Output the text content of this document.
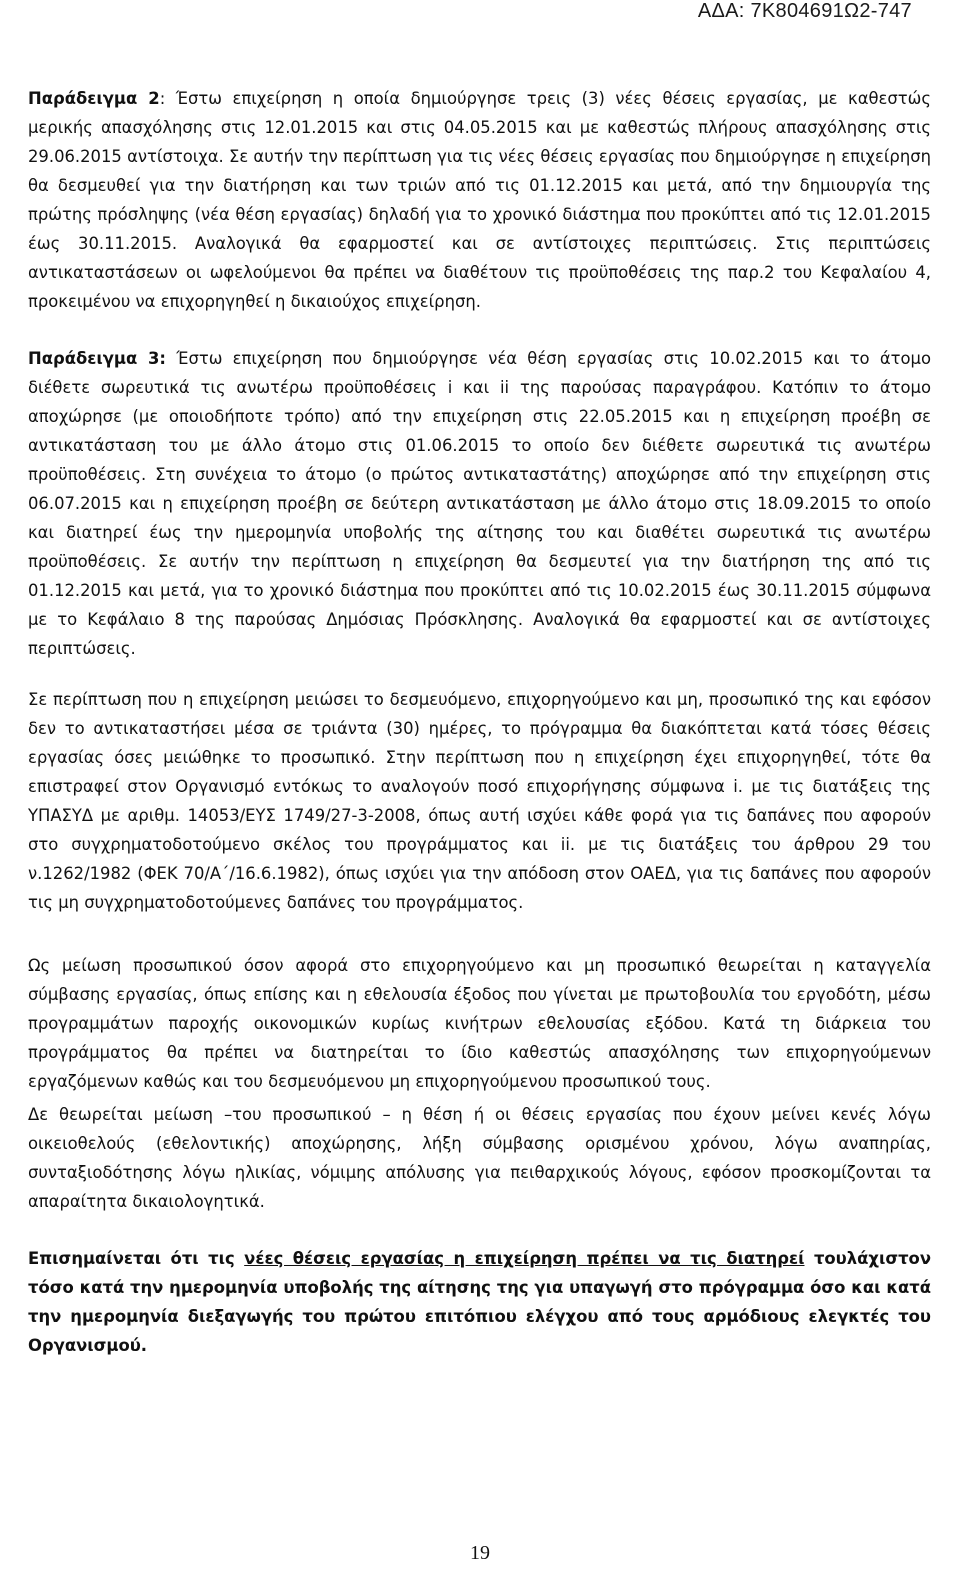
ΑΔΑ: 7Κ804691Ω2-747

Παράδειγμα 2: Έστω επιχείρηση η οποία δημιούργησε τρεις (3) νέες θέσεις εργασίας, με καθεστώς μερικής απασχόλησης στις 12.01.2015 και στις 04.05.2015 και με καθεστώς πλήρους απασχόλησης στις 29.06.2015 αντίστοιχα. Σε αυτήν την περίπτωση για τις νέες θέσεις εργασίας που δημιούργησε η επιχείρηση θα δεσμευθεί για την διατήρηση και των τριών από τις 01.12.2015 και μετά, από την δημιουργία της πρώτης πρόσληψης (νέα θέση εργασίας) δηλαδή για το χρονικό διάστημα που προκύπτει από τις 12.01.2015 έως 30.11.2015. Αναλογικά θα εφαρμοστεί και σε αντίστοιχες περιπτώσεις. Στις περιπτώσεις αντικαταστάσεων οι ωφελούμενοι θα πρέπει να διαθέτουν τις προϋποθέσεις της παρ.2 του Κεφαλαίου 4, προκειμένου να επιχορηγηθεί η δικαιούχος επιχείρηση.

Παράδειγμα 3: Έστω επιχείρηση που δημιούργησε νέα θέση εργασίας στις 10.02.2015 και το άτομο διέθετε σωρευτικά τις ανωτέρω προϋποθέσεις i και ii της παρούσας παραγράφου. Κατόπιν το άτομο αποχώρησε (με οποιοδήποτε τρόπο) από την επιχείρηση στις 22.05.2015 και η επιχείρηση προέβη σε αντικατάσταση του με άλλο άτομο στις 01.06.2015 το οποίο δεν διέθετε σωρευτικά τις ανωτέρω προϋποθέσεις. Στη συνέχεια το άτομο (ο πρώτος αντικαταστάτης) αποχώρησε από την επιχείρηση στις 06.07.2015 και η επιχείρηση προέβη σε δεύτερη αντικατάσταση με άλλο άτομο στις 18.09.2015 το οποίο και διατηρεί έως την ημερομηνία υποβολής της αίτησης του και διαθέτει σωρευτικά τις ανωτέρω προϋποθέσεις. Σε αυτήν την περίπτωση η επιχείρηση θα δεσμευτεί για την διατήρηση της από τις 01.12.2015 και μετά, για το χρονικό διάστημα που προκύπτει από τις 10.02.2015 έως 30.11.2015 σύμφωνα με το Κεφάλαιο 8 της παρούσας Δημόσιας Πρόσκλησης. Αναλογικά θα εφαρμοστεί και σε αντίστοιχες περιπτώσεις.

Σε περίπτωση που η επιχείρηση μειώσει το δεσμευόμενο, επιχορηγούμενο και μη, προσωπικό της και εφόσον δεν το αντικαταστήσει μέσα σε τριάντα (30) ημέρες, το πρόγραμμα θα διακόπτεται κατά τόσες θέσεις εργασίας όσες μειώθηκε το προσωπικό. Στην περίπτωση που η επιχείρηση έχει επιχορηγηθεί, τότε θα επιστραφεί στον Οργανισμό εντόκως το αναλογούν ποσό επιχορήγησης σύμφωνα i. με τις διατάξεις της ΥΠΑΣΥΔ με αριθμ. 14053/ΕΥΣ 1749/27-3-2008, όπως αυτή ισχύει κάθε φορά για τις δαπάνες που αφορούν στο συγχρηματοδοτούμενο σκέλος του προγράμματος και ii. με τις διατάξεις του άρθρου 29 του ν.1262/1982 (ΦΕΚ 70/Α΄/16.6.1982), όπως ισχύει για την απόδοση στον ΟΑΕΔ, για τις δαπάνες που αφορούν τις μη συγχρηματοδοτούμενες δαπάνες του προγράμματος.

Ως μείωση προσωπικού όσον αφορά στο επιχορηγούμενο και μη προσωπικό θεωρείται η καταγγελία σύμβασης εργασίας, όπως επίσης και η εθελουσία έξοδος που γίνεται με πρωτοβουλία του εργοδότη, μέσω προγραμμάτων παροχής οικονομικών κυρίως κινήτρων εθελουσίας εξόδου. Κατά τη διάρκεια του προγράμματος θα πρέπει να διατηρείται το ίδιο καθεστώς απασχόλησης των επιχορηγούμενων εργαζόμενων καθώς και του δεσμευόμενου μη επιχορηγούμενου προσωπικού τους.

Δε θεωρείται μείωση –του προσωπικού – η θέση ή οι θέσεις εργασίας που έχουν μείνει κενές λόγω οικειοθελούς (εθελοντικής) αποχώρησης, λήξη σύμβασης ορισμένου χρόνου, λόγω αναπηρίας, συνταξιοδότησης λόγω ηλικίας, νόμιμης απόλυσης για πειθαρχικούς λόγους, εφόσον προσκομίζονται τα απαραίτητα δικαιολογητικά.

Επισημαίνεται ότι τις νέες θέσεις εργασίας η επιχείρηση πρέπει να τις διατηρεί τουλάχιστον τόσο κατά την ημερομηνία υποβολής της αίτησης της για υπαγωγή στο πρόγραμμα όσο και κατά την ημερομηνία διεξαγωγής του πρώτου επιτόπιου ελέγχου από τους αρμόδιους ελεγκτές του Οργανισμού.

19
